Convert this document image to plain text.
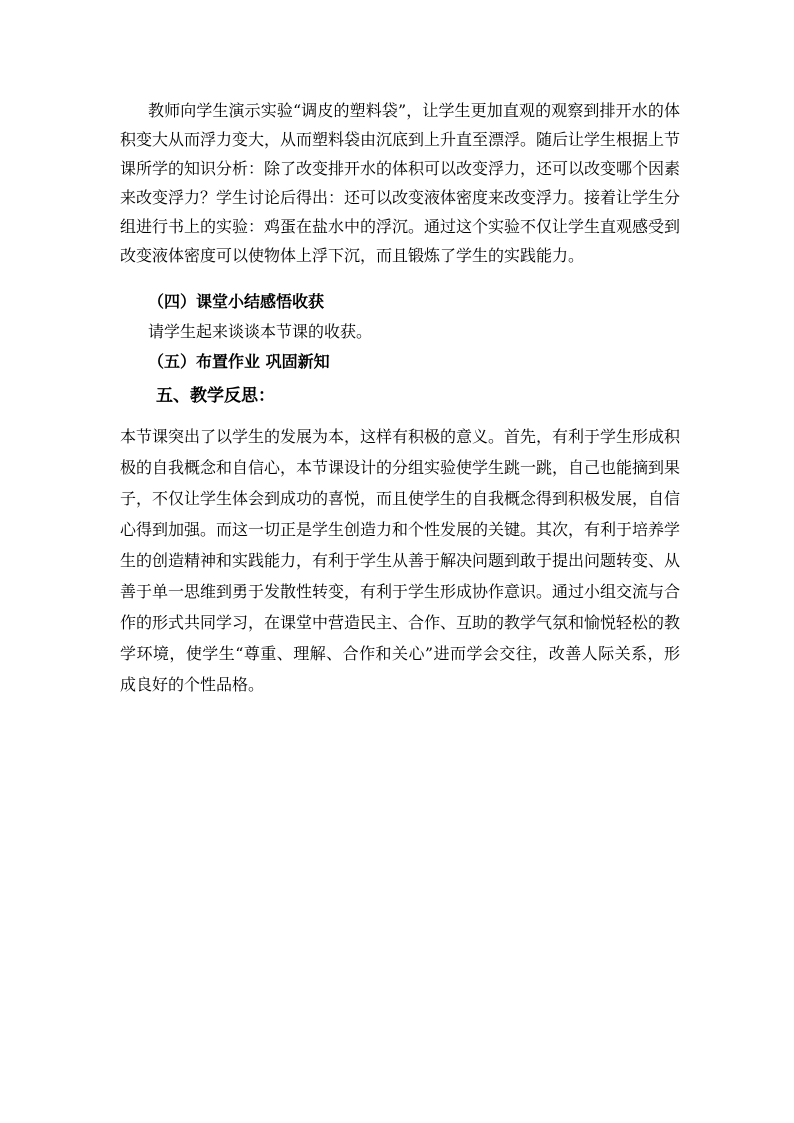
教师向学生演示实验“调皮的塑料袋”，让学生更加直观的观察到排开水的体积变大从而浮力变大，从而塑料袋由沉底到上升直至漂浮。随后让学生根据上节课所学的知识分析：除了改变排开水的体积可以改变浮力，还可以改变哪个因素来改变浮力？学生讨论后得出：还可以改变液体密度来改变浮力。接着让学生分组进行书上的实验：鸡蛋在盐水中的浮沉。通过这个实验不仅让学生直观感受到改变液体密度可以使物体上浮下沉，而且锻炼了学生的实践能力。

（四）课堂小结感悟收获
请学生起来谈谈本节课的收获。
（五）布置作业 巩固新知
五、教学反思：

本节课突出了以学生的发展为本，这样有积极的意义。首先，有利于学生形成积极的自我概念和自信心，本节课设计的分组实验使学生跳一跳，自己也能摘到果子，不仅让学生体会到成功的喜悦，而且使学生的自我概念得到积极发展，自信心得到加强。而这一切正是学生创造力和个性发展的关键。其次，有利于培养学生的创造精神和实践能力，有利于学生从善于解决问题到敢于提出问题转变、从善于单一思维到勇于发散性转变，有利于学生形成协作意识。通过小组交流与合作的形式共同学习，在课堂中营造民主、合作、互助的教学气氛和愉悦轻松的教学环境，使学生“尊重、理解、合作和关心”进而学会交往，改善人际关系，形成良好的个性品格。
